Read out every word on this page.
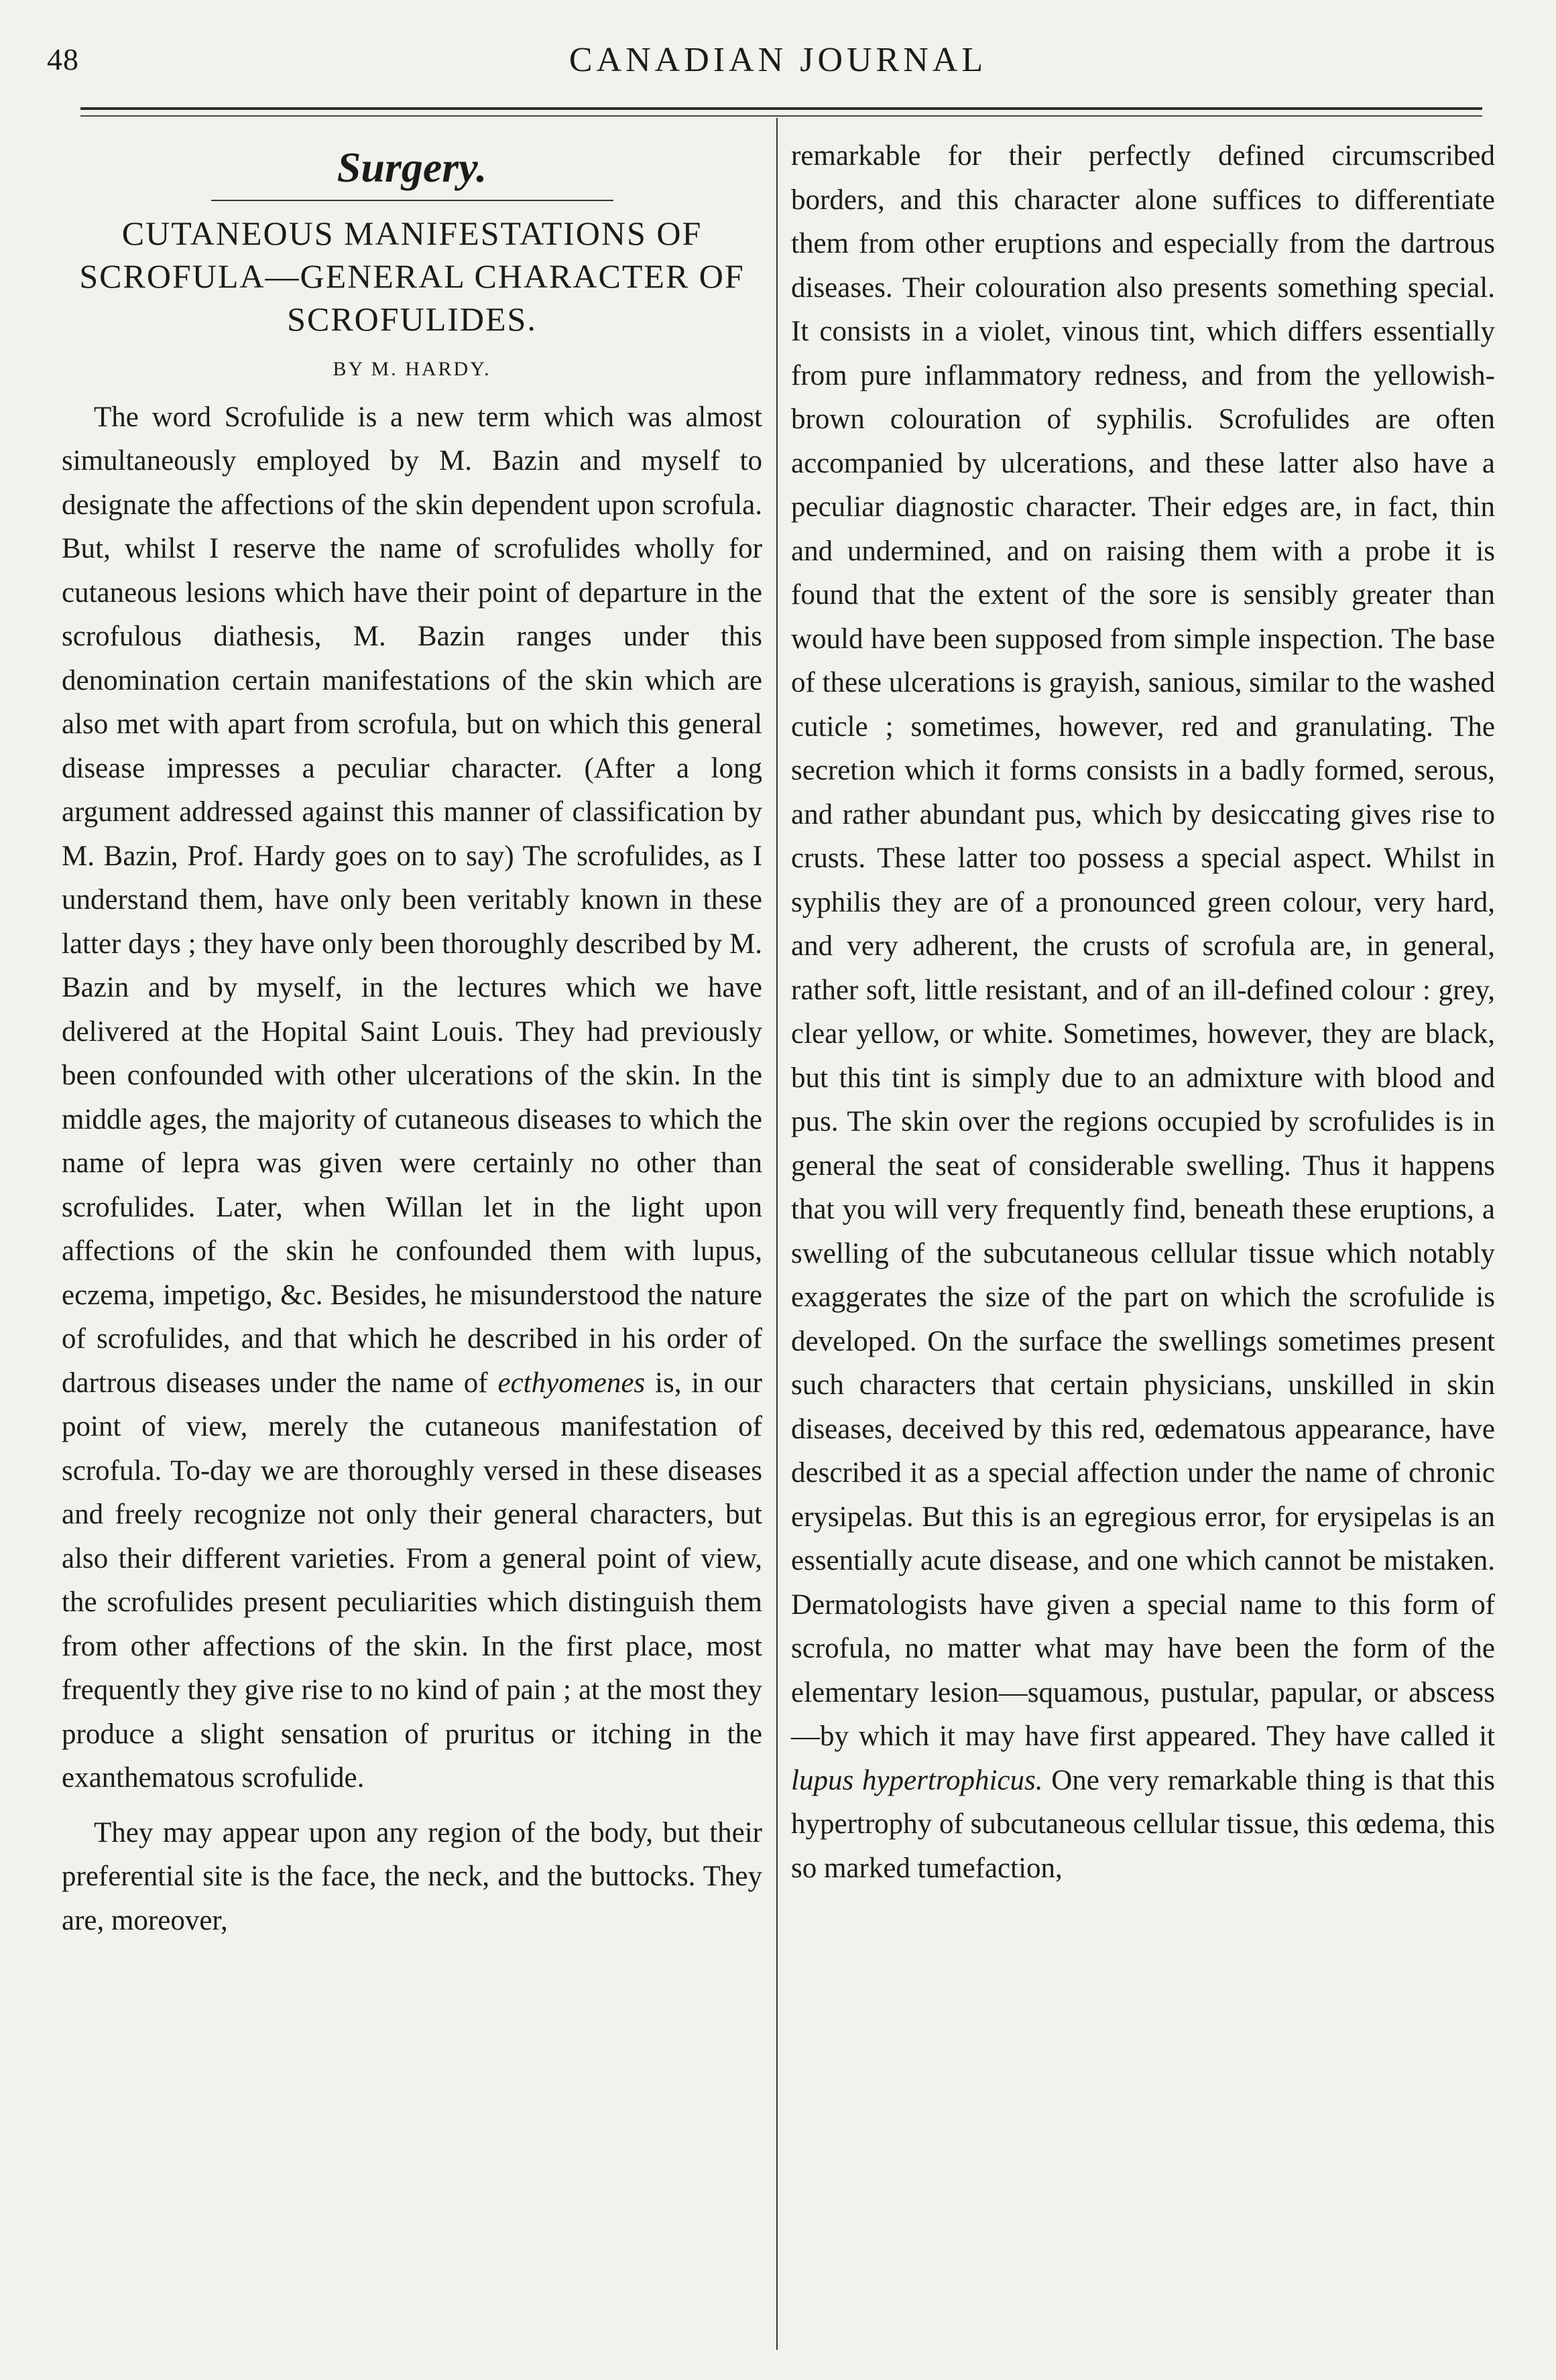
48	CANADIAN JOURNAL
Surgery.
CUTANEOUS MANIFESTATIONS OF SCROFULA—GENERAL CHARACTER OF SCROFULIDES.
BY M. HARDY.

The word Scrofulide is a new term which was almost simultaneously employed by M. Bazin and myself to designate the affections of the skin dependent upon scrofula. But, whilst I reserve the name of scrofulides wholly for cutaneous lesions which have their point of departure in the scrofulous diathesis, M. Bazin ranges under this denomination certain manifestations of the skin which are also met with apart from scrofula, but on which this general disease impresses a peculiar character. (After a long argument addressed against this manner of classification by M. Bazin, Prof. Hardy goes on to say) The scrofulides, as I understand them, have only been veritably known in these latter days ; they have only been thoroughly described by M. Bazin and by myself, in the lectures which we have delivered at the Hopital Saint Louis. They had previously been confounded with other ulcerations of the skin. In the middle ages, the majority of cutaneous diseases to which the name of lepra was given were certainly no other than scrofulides. Later, when Willan let in the light upon affections of the skin he confounded them with lupus, eczema, impetigo, &c. Besides, he misunderstood the nature of scrofulides, and that which he described in his order of dartrous diseases under the name of ecthyomenes is, in our point of view, merely the cutaneous manifestation of scrofula. To-day we are thoroughly versed in these diseases and freely recognize not only their general characters, but also their different varieties. From a general point of view, the scrofulides present peculiarities which distinguish them from other affections of the skin. In the first place, most frequently they give rise to no kind of pain ; at the most they produce a slight sensation of pruritus or itching in the exanthematous scrofulide.

They may appear upon any region of the body, but their preferential site is the face, the neck, and the buttocks. They are, moreover,

remarkable for their perfectly defined circumscribed borders, and this character alone suffices to differentiate them from other eruptions and especially from the dartrous diseases. Their colouration also presents something special. It consists in a violet, vinous tint, which differs essentially from pure inflammatory redness, and from the yellowish-brown colouration of syphilis. Scrofulides are often accompanied by ulcerations, and these latter also have a peculiar diagnostic character. Their edges are, in fact, thin and undermined, and on raising them with a probe it is found that the extent of the sore is sensibly greater than would have been supposed from simple inspection. The base of these ulcerations is grayish, sanious, similar to the washed cuticle ; sometimes, however, red and granulating. The secretion which it forms consists in a badly formed, serous, and rather abundant pus, which by desiccating gives rise to crusts. These latter too possess a special aspect. Whilst in syphilis they are of a pronounced green colour, very hard, and very adherent, the crusts of scrofula are, in general, rather soft, little resistant, and of an ill-defined colour : grey, clear yellow, or white. Sometimes, however, they are black, but this tint is simply due to an admixture with blood and pus. The skin over the regions occupied by scrofulides is in general the seat of considerable swelling. Thus it happens that you will very frequently find, beneath these eruptions, a swelling of the subcutaneous cellular tissue which notably exaggerates the size of the part on which the scrofulide is developed. On the surface the swellings sometimes present such characters that certain physicians, unskilled in skin diseases, deceived by this red, œdematous appearance, have described it as a special affection under the name of chronic erysipelas. But this is an egregious error, for erysipelas is an essentially acute disease, and one which cannot be mistaken. Dermatologists have given a special name to this form of scrofula, no matter what may have been the form of the elementary lesion—squamous, pustular, papular, or abscess—by which it may have first appeared. They have called it lupus hypertrophicus. One very remarkable thing is that this hypertrophy of subcutaneous cellular tissue, this œdema, this so marked tumefaction,
